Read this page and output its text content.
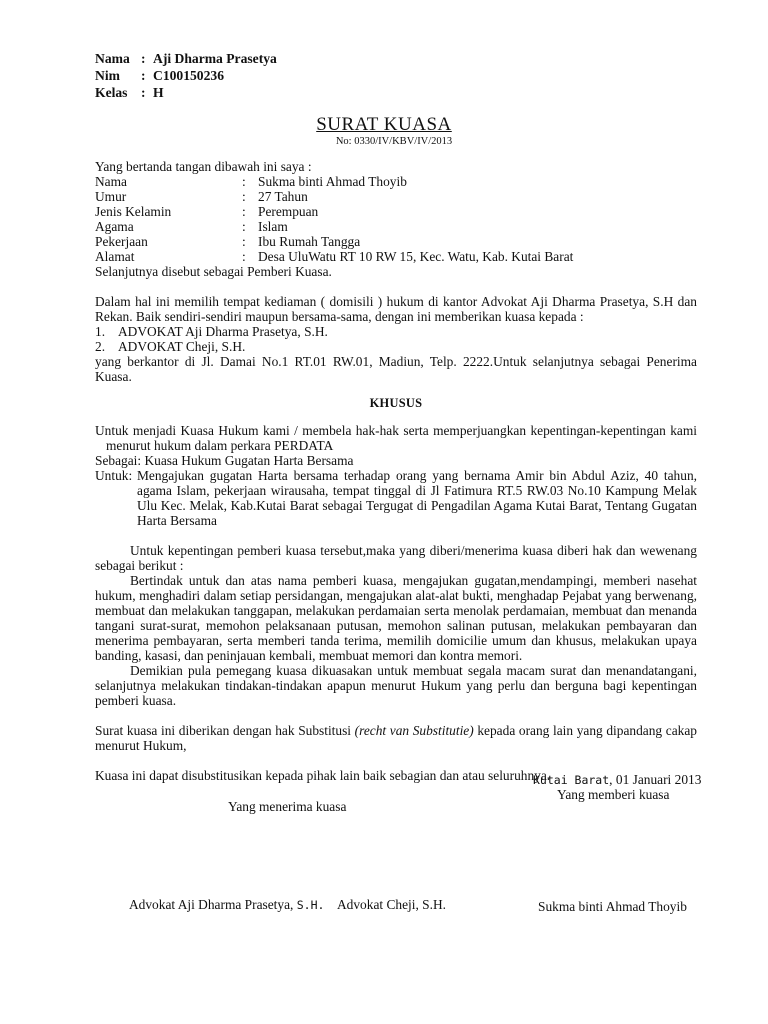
Nama : Aji Dharma Prasetya
Nim	: C100150236
Kelas : H
SURAT KUASA
No: 0330/IV/KBV/IV/2013

Yang bertanda tangan dibawah ini saya :

Nama	: Sukma binti Ahmad Thoyib
Umur	: 27 Tahun
Jenis Kelamin	: Perempuan
Agama	: Islam
Pekerjaan	: Ibu Rumah Tangga
Alamat	: Desa UluWatu RT 10 RW 15, Kec. Watu, Kab. Kutai Barat

Selanjutnya disebut sebagai Pemberi Kuasa.

Dalam hal ini memilih tempat kediaman ( domisili ) hukum di kantor Advokat Aji Dharma Prasetya, S.H dan Rekan. Baik sendiri-sendiri maupun bersama-sama, dengan ini memberikan kuasa kepada :

1. ADVOKAT Aji Dharma Prasetya, S.H.
2. ADVOKAT Cheji, S.H.

yang berkantor di Jl. Damai No.1 RT.01 RW.01, Madiun, Telp. 2222.Untuk selanjutnya sebagai Penerima Kuasa.

KHUSUS

Untuk menjadi Kuasa Hukum kami / membela hak-hak serta memperjuangkan kepentingan-kepentingan kami menurut hukum dalam perkara PERDATA

Sebagai: Kuasa Hukum Gugatan Harta Bersama

Untuk: Mengajukan gugatan Harta bersama terhadap orang yang bernama Amir bin Abdul Aziz, 40 tahun, agama Islam, pekerjaan wirausaha, tempat tinggal di Jl Fatimura RT.5 RW.03 No.10 Kampung Melak Ulu Kec. Melak, Kab.Kutai Barat sebagai Tergugat di Pengadilan Agama Kutai Barat, Tentang Gugatan Harta Bersama

Untuk kepentingan pemberi kuasa tersebut,maka yang diberi/menerima kuasa diberi hak dan wewenang sebagai berikut :

Bertindak untuk dan atas nama pemberi kuasa, mengajukan gugatan,mendampingi, memberi nasehat hukum, menghadiri dalam setiap persidangan, mengajukan alat-alat bukti, menghadap Pejabat yang berwenang, membuat dan melakukan tanggapan, melakukan perdamaian serta menolak perdamaian, membuat dan menanda tangani surat-surat, memohon pelaksanaan putusan, memohon salinan putusan, melakukan pembayaran dan menerima pembayaran, serta memberi tanda terima, memilih domicilie umum dan khusus, melakukan upaya banding, kasasi, dan peninjauan kembali, membuat memori dan kontra memori.

Demikian pula pemegang kuasa dikuasakan untuk membuat segala macam surat dan menandatangani, selanjutnya melakukan tindakan-tindakan apapun menurut Hukum yang perlu dan berguna bagi kepentingan pemberi kuasa.

Surat kuasa ini diberikan dengan hak Substitusi (recht van Substitutie) kepada orang lain yang dipandang cakap menurut Hukum,

Kuasa ini dapat disubstitusikan kepada pihak lain baik sebagian dan atau seluruhnya.

Kutai Barat, 01 Januari 2013
Yang memberi kuasa
Yang menerima kuasa
Advokat Aji Dharma Prasetya, S.H. Advokat Cheji, S.H.	Sukma binti Ahmad Thoyib
